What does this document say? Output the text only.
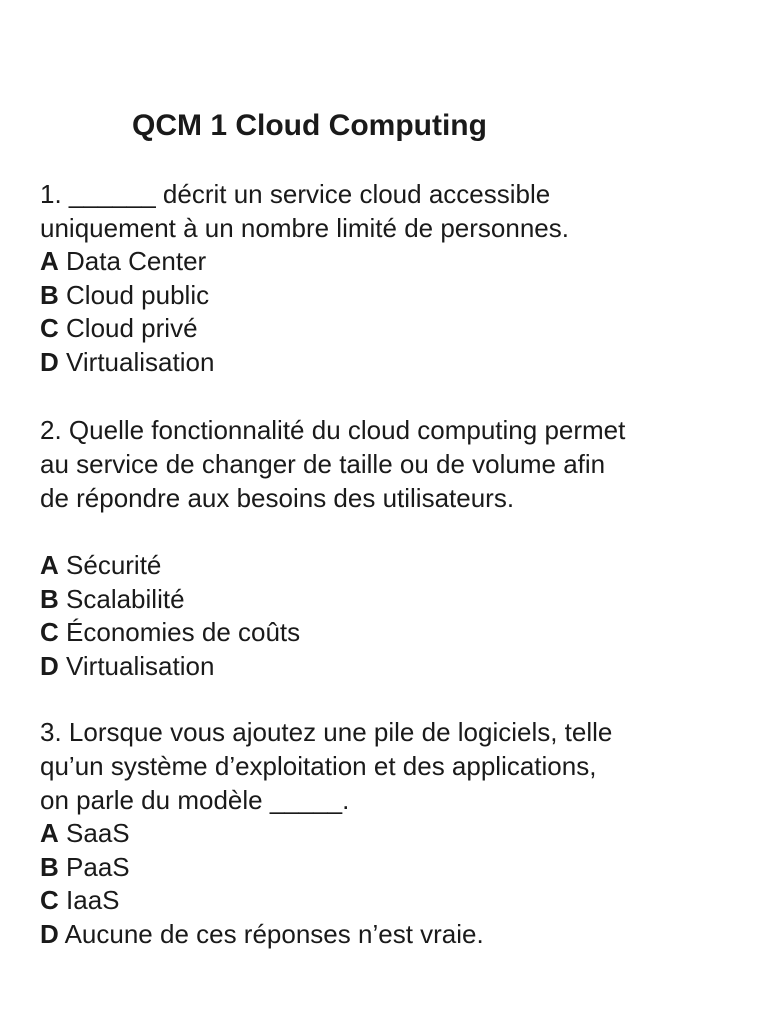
QCM 1 Cloud Computing

1. ______ décrit un service cloud accessible
uniquement à un nombre limité de personnes.

A Data Center
B Cloud public
C Cloud privé
D Virtualisation

2. Quelle fonctionnalité du cloud computing permet
au service de changer de taille ou de volume afin
de répondre aux besoins des utilisateurs.

A Sécurité
B Scalabilité
C Économies de coûts
D Virtualisation

3. Lorsque vous ajoutez une pile de logiciels, telle
qu’un système d’exploitation et des applications,
on parle du modèle _____.

A SaaS
B PaaS
C IaaS
D Aucune de ces réponses n’est vraie.
